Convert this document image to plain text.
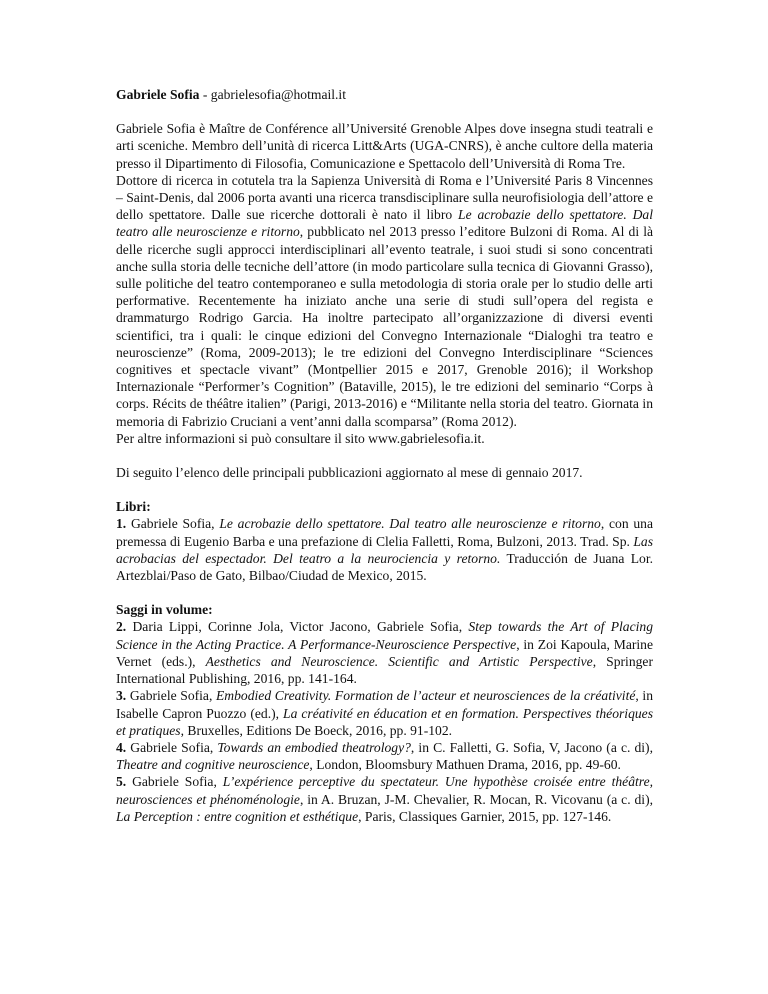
Gabriele Sofia - gabrielesofia@hotmail.it

Gabriele Sofia è Maître de Conférence all’Université Grenoble Alpes dove insegna studi teatrali e arti sceniche. Membro dell’unità di ricerca Litt&Arts (UGA-CNRS), è anche cultore della materia presso il Dipartimento di Filosofia, Comunicazione e Spettacolo dell’Università di Roma Tre.

Dottore di ricerca in cotutela tra la Sapienza Università di Roma e l’Université Paris 8 Vincennes – Saint-Denis, dal 2006 porta avanti una ricerca transdisciplinare sulla neurofisiologia dell’attore e dello spettatore. Dalle sue ricerche dottorali è nato il libro Le acrobazie dello spettatore. Dal teatro alle neuroscienze e ritorno, pubblicato nel 2013 presso l’editore Bulzoni di Roma. Al di là delle ricerche sugli approcci interdisciplinari all’evento teatrale, i suoi studi si sono concentrati anche sulla storia delle tecniche dell’attore (in modo particolare sulla tecnica di Giovanni Grasso), sulle politiche del teatro contemporaneo e sulla metodologia di storia orale per lo studio delle arti performative. Recentemente ha iniziato anche una serie di studi sull’opera del regista e drammaturgo Rodrigo Garcia. Ha inoltre partecipato all’organizzazione di diversi eventi scientifici, tra i quali: le cinque edizioni del Convegno Internazionale “Dialoghi tra teatro e neuroscienze” (Roma, 2009-2013); le tre edizioni del Convegno Interdisciplinare “Sciences cognitives et spectacle vivant” (Montpellier 2015 e 2017, Grenoble 2016); il Workshop Internazionale “Performer’s Cognition” (Bataville, 2015), le tre edizioni del seminario “Corps à corps. Récits de théâtre italien” (Parigi, 2013-2016) e “Militante nella storia del teatro. Giornata in memoria di Fabrizio Cruciani a vent’anni dalla scomparsa” (Roma 2012).

Per altre informazioni si può consultare il sito www.gabrielesofia.it.

Di seguito l’elenco delle principali pubblicazioni aggiornato al mese di gennaio 2017.

Libri:

1. Gabriele Sofia, Le acrobazie dello spettatore. Dal teatro alle neuroscienze e ritorno, con una premessa di Eugenio Barba e una prefazione di Clelia Falletti, Roma, Bulzoni, 2013. Trad. Sp. Las acrobacias del espectador. Del teatro a la neurociencia y retorno. Traducción de Juana Lor. Artezblai/Paso de Gato, Bilbao/Ciudad de Mexico, 2015.

Saggi in volume:

2. Daria Lippi, Corinne Jola, Victor Jacono, Gabriele Sofia, Step towards the Art of Placing Science in the Acting Practice. A Performance-Neuroscience Perspective, in Zoi Kapoula, Marine Vernet (eds.), Aesthetics and Neuroscience. Scientific and Artistic Perspective, Springer International Publishing, 2016, pp. 141-164.

3. Gabriele Sofia, Embodied Creativity. Formation de l’acteur et neurosciences de la créativité, in Isabelle Capron Puozzo (ed.), La créativité en éducation et en formation. Perspectives théoriques et pratiques, Bruxelles, Editions De Boeck, 2016, pp. 91-102.

4. Gabriele Sofia, Towards an embodied theatrology?, in C. Falletti, G. Sofia, V, Jacono (a c. di), Theatre and cognitive neuroscience, London, Bloomsbury Mathuen Drama, 2016, pp. 49-60.

5. Gabriele Sofia, L’expérience perceptive du spectateur. Une hypothèse croisée entre théâtre, neurosciences et phénoménologie, in A. Bruzan, J-M. Chevalier, R. Mocan, R. Vicovanu (a c. di), La Perception : entre cognition et esthétique, Paris, Classiques Garnier, 2015, pp. 127-146.
